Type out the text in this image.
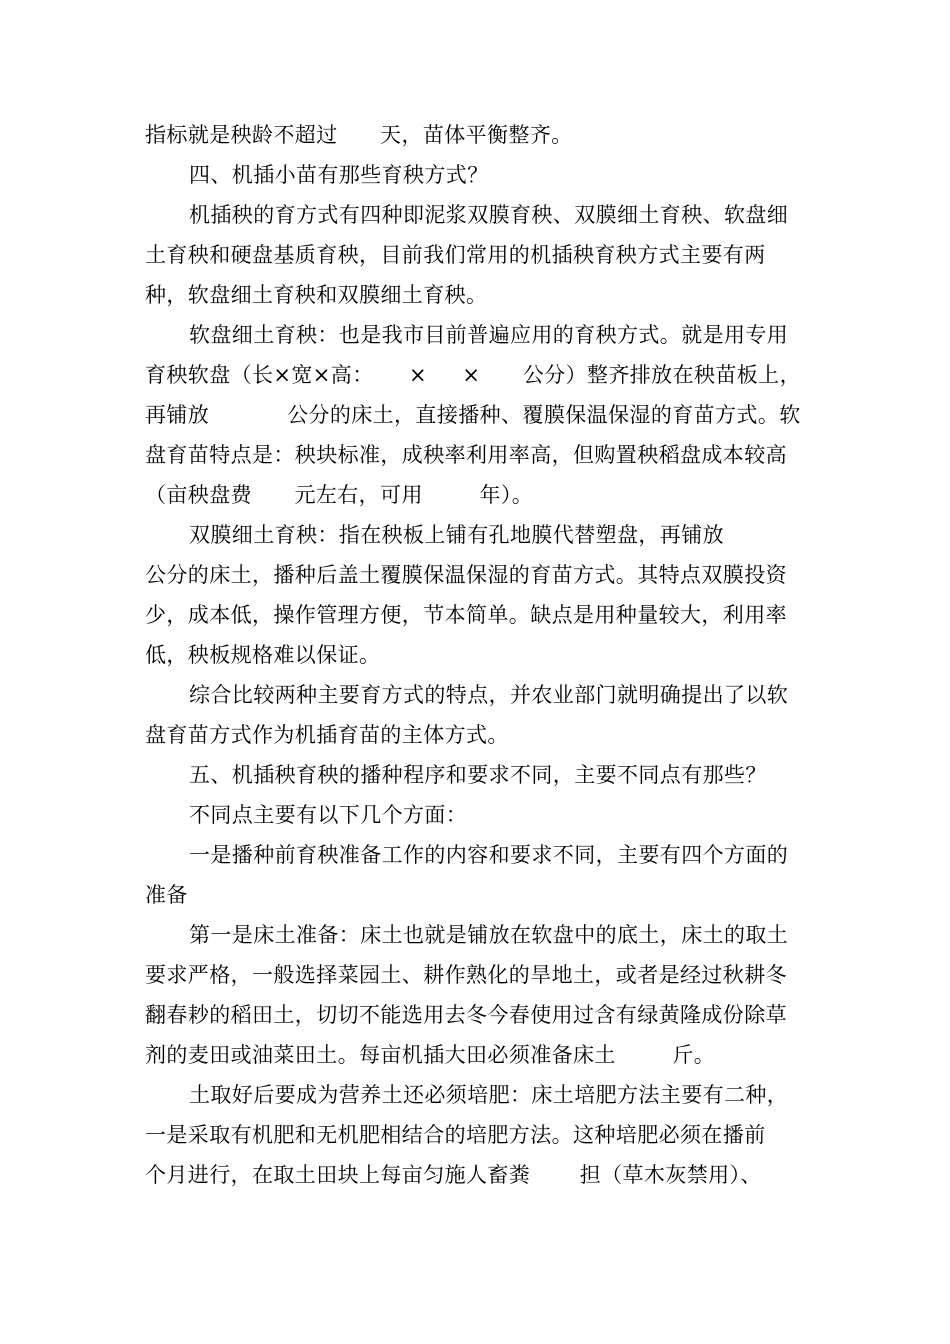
指标就是秧龄不超过      天，苗体平衡整齐。
四、机插小苗有那些育秧方式？
机插秧的育方式有四种即泥浆双膜育秧、双膜细土育秧、软盘细
土育秧和硬盘基质育秧，目前我们常用的机插秧育秧方式主要有两
种，软盘细土育秧和双膜细土育秧。
软盘细土育秧：也是我市目前普遍应用的育秧方式。就是用专用
育秧软盘（长×宽×高：     ×     ×      公分）整齐排放在秧苗板上，
再铺放           公分的床土，直接播种、覆膜保温保湿的育苗方式。软
盘育苗特点是：秧块标准，成秧率利用率高，但购置秧稻盘成本较高
（亩秧盘费      元左右，可用        年）。
双膜细土育秧：指在秧板上铺有孔地膜代替塑盘，再铺放
公分的床土，播种后盖土覆膜保温保湿的育苗方式。其特点双膜投资
少，成本低，操作管理方便，节本简单。缺点是用种量较大，利用率
低，秧板规格难以保证。
综合比较两种主要育方式的特点，并农业部门就明确提出了以软
盘育苗方式作为机插育苗的主体方式。
五、机插秧育秧的播种程序和要求不同，主要不同点有那些？
不同点主要有以下几个方面：
一是播种前育秧准备工作的内容和要求不同，主要有四个方面的
准备
第一是床土准备：床土也就是铺放在软盘中的底土，床土的取土
要求严格，一般选择菜园土、耕作熟化的旱地土，或者是经过秋耕冬
翻春耖的稻田土，切切不能选用去冬今春使用过含有绿黄隆成份除草
剂的麦田或油菜田土。每亩机插大田必须准备床土        斤。
土取好后要成为营养土还必须培肥：床土培肥方法主要有二种，
一是采取有机肥和无机肥相结合的培肥方法。这种培肥必须在播前
个月进行，在取土田块上每亩匀施人畜粪       担（草木灰禁用）、
